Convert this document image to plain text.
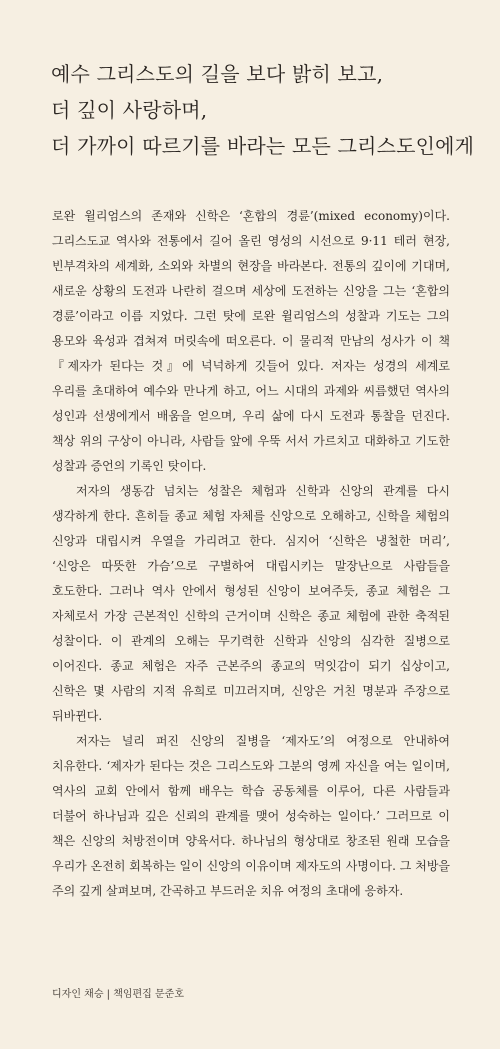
예수 그리스도의 길을 보다 밝히 보고,
더 깊이 사랑하며,
더 가까이 따르기를 바라는 모든 그리스도인에게

로완 윌리엄스의 존재와 신학은 ‘혼합의 경륜’(mixed economy)이다. 그리스도교 역사와 전통에서 길어 올린 영성의 시선으로 9·11 테러 현장, 빈부격차의 세계화, 소외와 차별의 현장을 바라본다. 전통의 깊이에 기대며, 새로운 상황의 도전과 나란히 걸으며 세상에 도전하는 신앙을 그는 ‘혼합의 경륜’이라고 이름 지었다. 그런 탓에 로완 윌리엄스의 성찰과 기도는 그의 용모와 육성과 겹쳐져 머릿속에 떠오른다. 이 물리적 만남의 성사가 이 책 『제자가 된다는 것』에 넉넉하게 깃들어 있다. 저자는 성경의 세계로 우리를 초대하여 예수와 만나게 하고, 어느 시대의 과제와 씨름했던 역사의 성인과 선생에게서 배움을 얻으며, 우리 삶에 다시 도전과 통찰을 던진다. 책상 위의 구상이 아니라, 사람들 앞에 우뚝 서서 가르치고 대화하고 기도한 성찰과 증언의 기록인 탓이다.

저자의 생동감 넘치는 성찰은 체험과 신학과 신앙의 관계를 다시 생각하게 한다. 흔히들 종교 체험 자체를 신앙으로 오해하고, 신학을 체험의 신앙과 대립시켜 우열을 가리려고 한다. 심지어 ‘신학은 냉철한 머리’, ‘신앙은 따뜻한 가슴’으로 구별하여 대립시키는 말장난으로 사람들을 호도한다. 그러나 역사 안에서 형성된 신앙이 보여주듯, 종교 체험은 그 자체로서 가장 근본적인 신학의 근거이며 신학은 종교 체험에 관한 축적된 성찰이다. 이 관계의 오해는 무기력한 신학과 신앙의 심각한 질병으로 이어진다. 종교 체험은 자주 근본주의 종교의 먹잇감이 되기 십상이고, 신학은 몇 사람의 지적 유희로 미끄러지며, 신앙은 거친 명분과 주장으로 뒤바뀐다.

저자는 널리 퍼진 신앙의 질병을 ‘제자도’의 여정으로 안내하여 치유한다. ‘제자가 된다는 것은 그리스도와 그분의 영께 자신을 여는 일이며, 역사의 교회 안에서 함께 배우는 학습 공동체를 이루어, 다른 사람들과 더불어 하나님과 깊은 신뢰의 관계를 맺어 성숙하는 일이다.’ 그러므로 이 책은 신앙의 처방전이며 양육서다. 하나님의 형상대로 창조된 원래 모습을 우리가 온전히 회복하는 일이 신앙의 이유이며 제자도의 사명이다. 그 처방을 주의 깊게 살펴보며, 간곡하고 부드러운 치유 여정의 초대에 응하자.

디자인 채승 | 책임편집 문준호
